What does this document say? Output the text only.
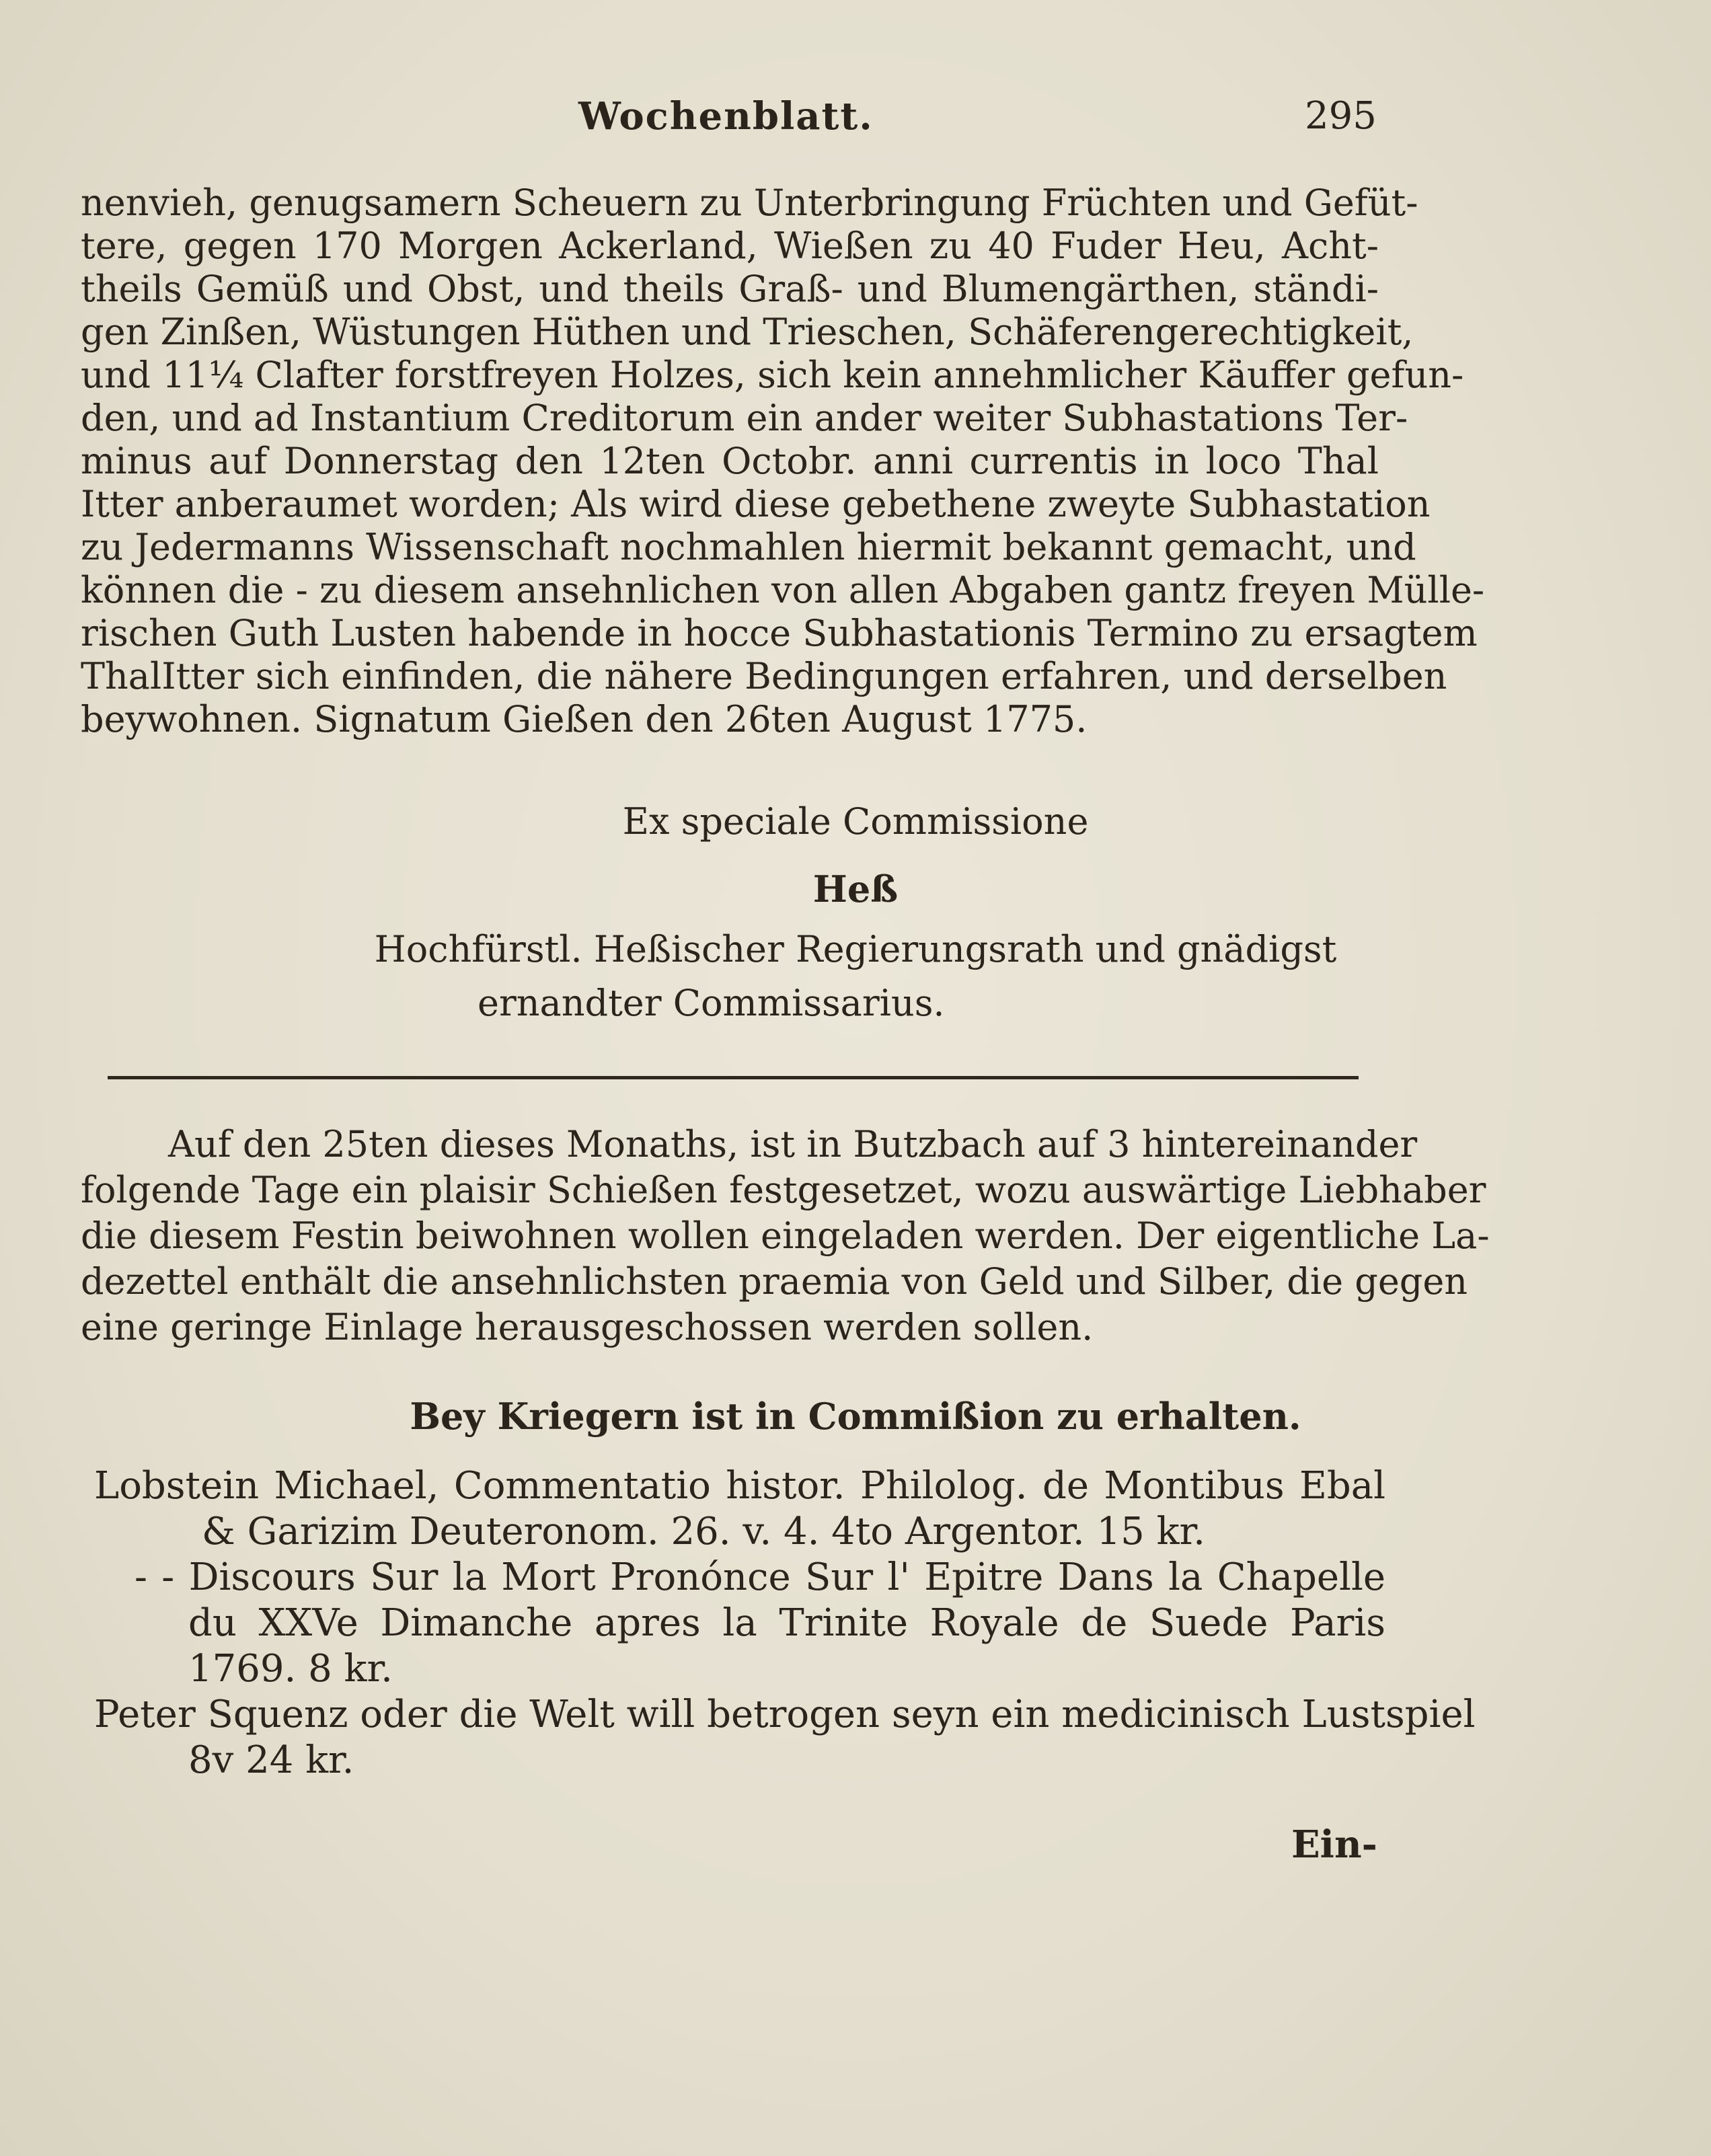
Wochenblatt.	295
nenvieh, genugsamern Scheuern zu Unterbringung Früchten und Gefüt-
tere, gegen 170 Morgen Ackerland, Wießen zu 40 Fuder Heu, Acht-
theils Gemüß und Obst, und theils Graß- und Blumengärthen, ständi-
gen Zinßen, Wüstungen Hüthen und Trieschen, Schäferengerechtigkeit,
und 11¼ Clafter forstfreyen Holzes, sich kein annehmlicher Käuffer gefun-
den, und ad Instantium Creditorum ein ander weiter Subhastations Ter-
minus auf Donnerstag den 12ten Octobr. anni currentis in loco Thal
Itter anberaumet worden; Als wird diese gebethene zweyte Subhastation
zu Jedermanns Wissenschaft nochmahlen hiermit bekannt gemacht, und
können die - zu diesem ansehnlichen von allen Abgaben gantz freyen Mülle-
rischen Guth Lusten habende in hocce Subhastationis Termino zu ersagtem
ThalItter sich einfinden, die nähere Bedingungen erfahren, und derselben
beywohnen. Signatum Gießen den 26ten August 1775.
Ex speciale Commissione
Heß
Hochfürstl. Heßischer Regierungsrath und gnädigst
ernandter Commissarius.
Auf den 25ten dieses Monaths, ist in Butzbach auf 3 hintereinander
folgende Tage ein plaisir Schießen festgesetzet, wozu auswärtige Liebhaber
die diesem Festin beiwohnen wollen eingeladen werden. Der eigentliche La-
dezettel enthält die ansehnlichsten praemia von Geld und Silber, die gegen
eine geringe Einlage herausgeschossen werden sollen.
Bey Kriegern ist in Commißion zu erhalten.
Lobstein Michael, Commentatio histor. Philolog. de Montibus Ebal
& Garizim Deuteronom. 26. v. 4. 4to Argentor. 15 kr.
- - Discours Sur la Mort Pronónce Sur l' Epitre Dans la Chapelle
du XXVe Dimanche apres la Trinite Royale de Suede Paris
1769. 8 kr.
Peter Squenz oder die Welt will betrogen seyn ein medicinisch Lustspiel
8v 24 kr.
Ein-
